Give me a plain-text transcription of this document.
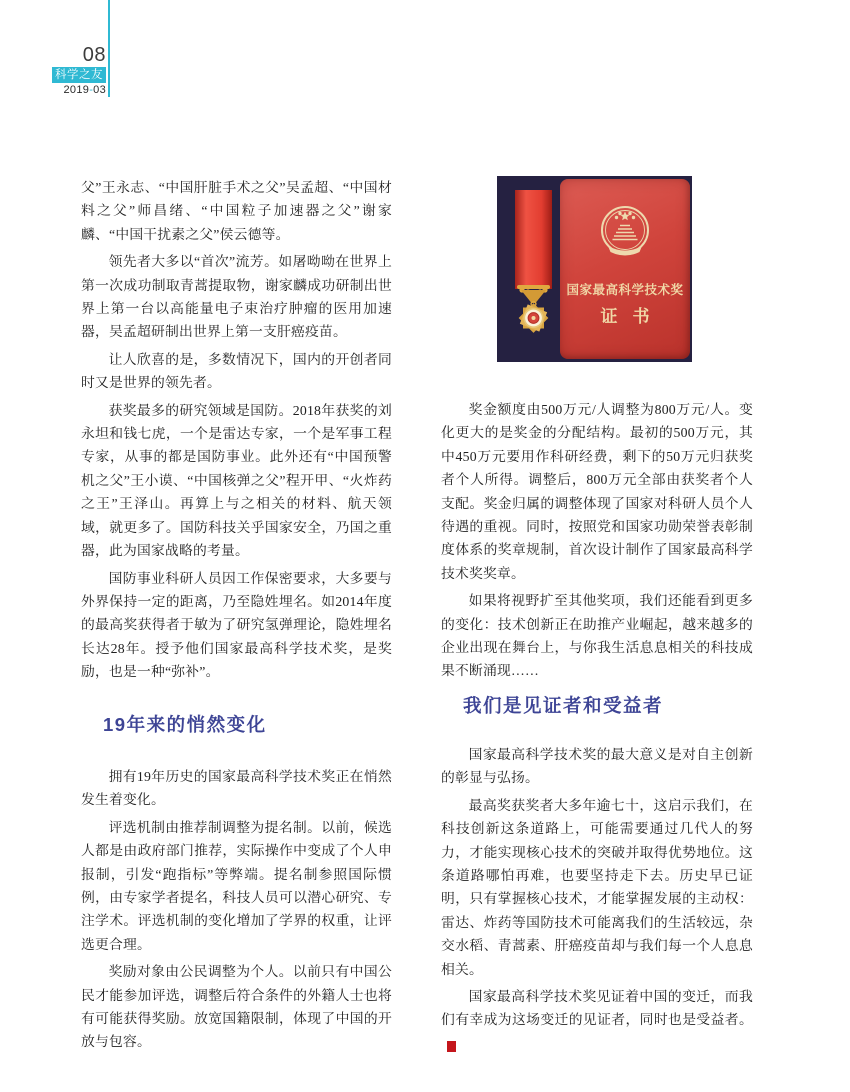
08
科学之友
2019-03

父”王永志、“中国肝脏手术之父”吴孟超、“中国材料之父”师昌绪、“中国粒子加速器之父”谢家麟、“中国干扰素之父”侯云德等。

领先者大多以“首次”流芳。如屠呦呦在世界上第一次成功制取青蒿提取物，谢家麟成功研制出世界上第一台以高能量电子束治疗肿瘤的医用加速器，吴孟超研制出世界上第一支肝癌疫苗。

让人欣喜的是，多数情况下，国内的开创者同时又是世界的领先者。

获奖最多的研究领域是国防。2018年获奖的刘永坦和钱七虎，一个是雷达专家，一个是军事工程专家，从事的都是国防事业。此外还有“中国预警机之父”王小谟、“中国核弹之父”程开甲、“火炸药之王”王泽山。再算上与之相关的材料、航天领域，就更多了。国防科技关乎国家安全，乃国之重器，此为国家战略的考量。

国防事业科研人员因工作保密要求，大多要与外界保持一定的距离，乃至隐姓埋名。如2014年度的最高奖获得者于敏为了研究氢弹理论，隐姓埋名长达28年。授予他们国家最高科学技术奖，是奖励，也是一种“弥补”。

19年来的悄然变化

拥有19年历史的国家最高科学技术奖正在悄然发生着变化。

评选机制由推荐制调整为提名制。以前，候选人都是由政府部门推荐，实际操作中变成了个人申报制，引发“跑指标”等弊端。提名制参照国际惯例，由专家学者提名，科技人员可以潜心研究、专注学术。评选机制的变化增加了学界的权重，让评选更合理。

奖励对象由公民调整为个人。以前只有中国公民才能参加评选，调整后符合条件的外籍人士也将有可能获得奖励。放宽国籍限制，体现了中国的开放与包容。

国家最高科学技术奖
证书

奖金额度由500万元/人调整为800万元/人。变化更大的是奖金的分配结构。最初的500万元，其中450万元要用作科研经费，剩下的50万元归获奖者个人所得。调整后，800万元全部由获奖者个人支配。奖金归属的调整体现了国家对科研人员个人待遇的重视。同时，按照党和国家功勋荣誉表彰制度体系的奖章规制，首次设计制作了国家最高科学技术奖奖章。

如果将视野扩至其他奖项，我们还能看到更多的变化：技术创新正在助推产业崛起，越来越多的企业出现在舞台上，与你我生活息息相关的科技成果不断涌现……

我们是见证者和受益者

国家最高科学技术奖的最大意义是对自主创新的彰显与弘扬。

最高奖获奖者大多年逾七十，这启示我们，在科技创新这条道路上，可能需要通过几代人的努力，才能实现核心技术的突破并取得优势地位。这条道路哪怕再难，也要坚持走下去。历史早已证明，只有掌握核心技术，才能掌握发展的主动权：雷达、炸药等国防技术可能离我们的生活较远，杂交水稻、青蒿素、肝癌疫苗却与我们每一个人息息相关。

国家最高科学技术奖见证着中国的变迁，而我们有幸成为这场变迁的见证者，同时也是受益者。s
